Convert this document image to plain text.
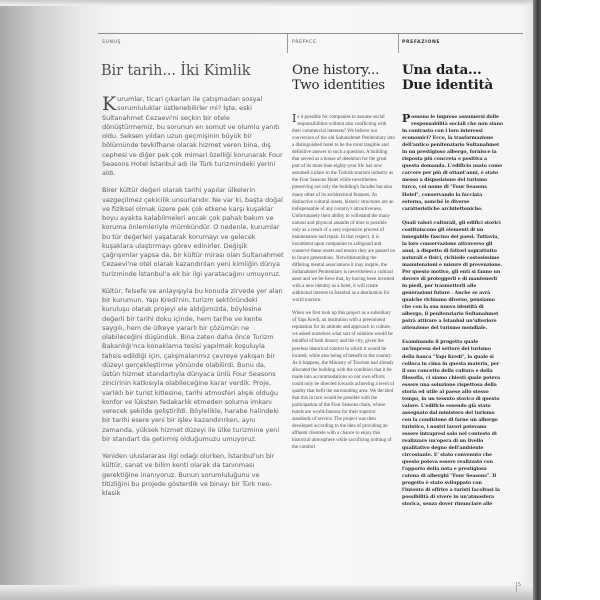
SUNUŞ	PREFACE	PREFAZIONE
Bir tarih... İki Kimlik	One history...
Two identities
Una data...
Due identità

Kurumlar, ticari çıkarları ile çatışmadan sosyal sorumluluklar üstlenebilirler mi? İşte, eski Sultanahmet Cezaevi'ni seçkin bir otele dönüştürmemiz, bu sorunun en somut ve olumlu yanıtı oldu. Seksen yıldan uzun geçmişinin büyük bir bölümünde tevkifhane olarak hizmet veren bina, dış cephesi ve diğer pek çok mimari özelliği korunarak Four Seasons Hotel İstanbul adı ile Türk turizmindeki yerini aldı.

Birer kültür değeri olarak tarihi yapılar ülkelerin vazgeçilmez çekicilik unsurlarıdır. Ne var ki, başta doğal ve fiziksel olmak üzere pek çok etkene karşı kuşaklar boyu ayakta kalabilmeleri ancak çok pahalı bakım ve koruma önlemleriyle mümkündür. O nedenle, kurumlar bu tür değerleri yaşatarak korumayı ve gelecek kuşaklara ulaştırmayı görev edinirler. Değişik çağrışımlar yapsa da, bir kültür mirası olan Sultanahmet Cezaevi'ne otel olarak kazandırılan yeni kimliğin dünya turizminde İstanbul'a ek bir ilgi yaratacağını umuyoruz.

Kültür, felsefe ve anlayışıyla bu konuda zirvede yer alan bir kurumun, Yapı Kredi'nin, turizm sektöründeki kuruluşu olarak projeyi ele aldığımızda, böylesine değerli bir tarihi doku içinde, hem tarihe ve kente saygılı, hem de ülkeye yararlı bir çözümün ne olabileceğini düşündük. Bina zaten daha önce Turizm Bakanlığı'nca konaklama tesisi yapılmak koşuluyla tahsis edildiği için, çalışmalarımız çevreye yakışan bir düzeyi gerçekleştirme yönünde olabilirdi. Bunu da, üstün hizmet standartıyla dünyaca ünlü Four Seasons zincirinin katkısıyla olabileceğine karar verdik. Proje, varlıklı bir turist kitlesine, tarihi atmosferi alışık olduğu konfor ve lüksten fedakarlık etmeden soluma imkanı verecek şekilde geliştirildi. Böylelikle, harabe halindeki bir tarihi esere yeni bir işlev kazandırırken, aynı zamanda, yüksek hizmet düzeyi ile ülke turizmine yeni bir standart da getirmiş olduğumuzu umuyoruz.

Yeniden uluslararası ilgi odağı olurken, İstanbul'un bir kültür, sanat ve bilim kenti olarak da tanınması gerektiğine inanıyoruz. Bunun sorumluluğunu ve titizliğini bu projede gösterdik ve binayı bir Türk neo-klasik

Is it possible for companies to assume social responsibilities without also conflicting with their commercial interests? We believe our conversion of the old Sultanahmet Penitentiary into a distinguished hotel to be the most tangible and definitive answer to such a question. A building that served as a house of detention for the great part of its more than eighty-year life has now assumed a place in the Turkish tourism industry as the Four Seasons Hotel while nevertheless preserving not only the building's facades but also many other of its architectural features. As distinctive cultural assets, historic structures are an indispensable of any country's attractiveness. Unfortunately their ability to withstand the many natural and physical assaults of time is possible only as a result of a very expensive process of maintenance and repair. In that respect, it is incumbent upon companies to safeguard and conserve these assets and ensure they are passed on to future generations. Notwithstanding the differing mental associations it may inspire, the Sultanahmet Penitentiary is nevertheless a cultural asset and we be-lieve that, by having been invested with a new identity as a hotel, it will create additional interest in İstanbul as a destination for world tourism.

When we first took up this project as a subsidiary of Yapı Kredi, an institution with a preeminent reputation for its attitude and approach to culture, we asked ourselves what sort of solution would be mindful of both history and the city, given the peerless historical context in which it would be located, while also being of benefit to the country. As it happens, the Ministry of Tourism had already allocated the building with the condition that it be made into accommodations so our own efforts could only be directed towards achieving a level of quality that befit the surrounding area. We decided that this in turn would be possible with the participation of the Four Seasons chain, whose hotels are world-famous for their superior standards of service. The project was then developed according to the idea of providing an affluent clientele with a chance to enjoy this historical atmosphere while sacrificing nothing of the comfort

Possono le imprese assumersi delle responsabilità sociali che non siano in contrasto con i loro interessi economici? Ecco, la trasformazione dell'antico penitenziario Sultanahmet in un prestigioso albergo, fornisce la risposta più concreta e positiva a questa domanda. L'edificio usato come carcere per più di ottant'anni, è stato messo a disposizione del turismo turco, col nome di "Four Seasons Hotel", conservando la facciata esterna, nonché le diverse caratteristiche architettoniche.

Quali valori culturali, gli edifici storici costituiscono gli elementi di un innegabile fascino dei paesi. Tuttavia, la loro conservazione attraverso gli anni, a dispetto di fattori soprattutto naturali e fisici, richiede costosissime manutenzioni e misure di prevenzione. Per questo motivo, gli enti si fanno un dovere di proteggerli e di mantenerli in piedi, per trasmetterli alle generazioni future . Anche se avrà qualche richiamo diverso, pensiamo che con la sua nuova identità di albergo, il penitenziario Sultanahmet potrà attirare a Istanbul un'ulteriore attenzione del turismo mondiale.

Esaminando il progetto quale un'impresa del settore del turismo della banca "Yapı Kredi", la quale si colloca in cima in questa materia, per il suo concetto della cultura e della filosofia, ci siamo chiesti quale poteva essere una soluzione rispettosa della storia ed utile al paese allo stesso tempo, in un tessuto storico di questo valore. L'edificio essendo già stato assegnato dal ministero del turismo con la condizione di farne un albergo turistico, i nostri lavori potevano essere intrapresi solo nel contesto di realizzare un'opera di un livello qualitativo degno dell'ambiente circostante. E' stato convenuto che questo poteva essere realizzato con l'apporto della nota e prestigiosa catena di alberghi "Four Seasons". Il progetto è stato sviluppato con l'intento di offrire a turisti facoltosi la possibilità di vivere in un'atmosfera storica, senza dover rinunciare alle

5
